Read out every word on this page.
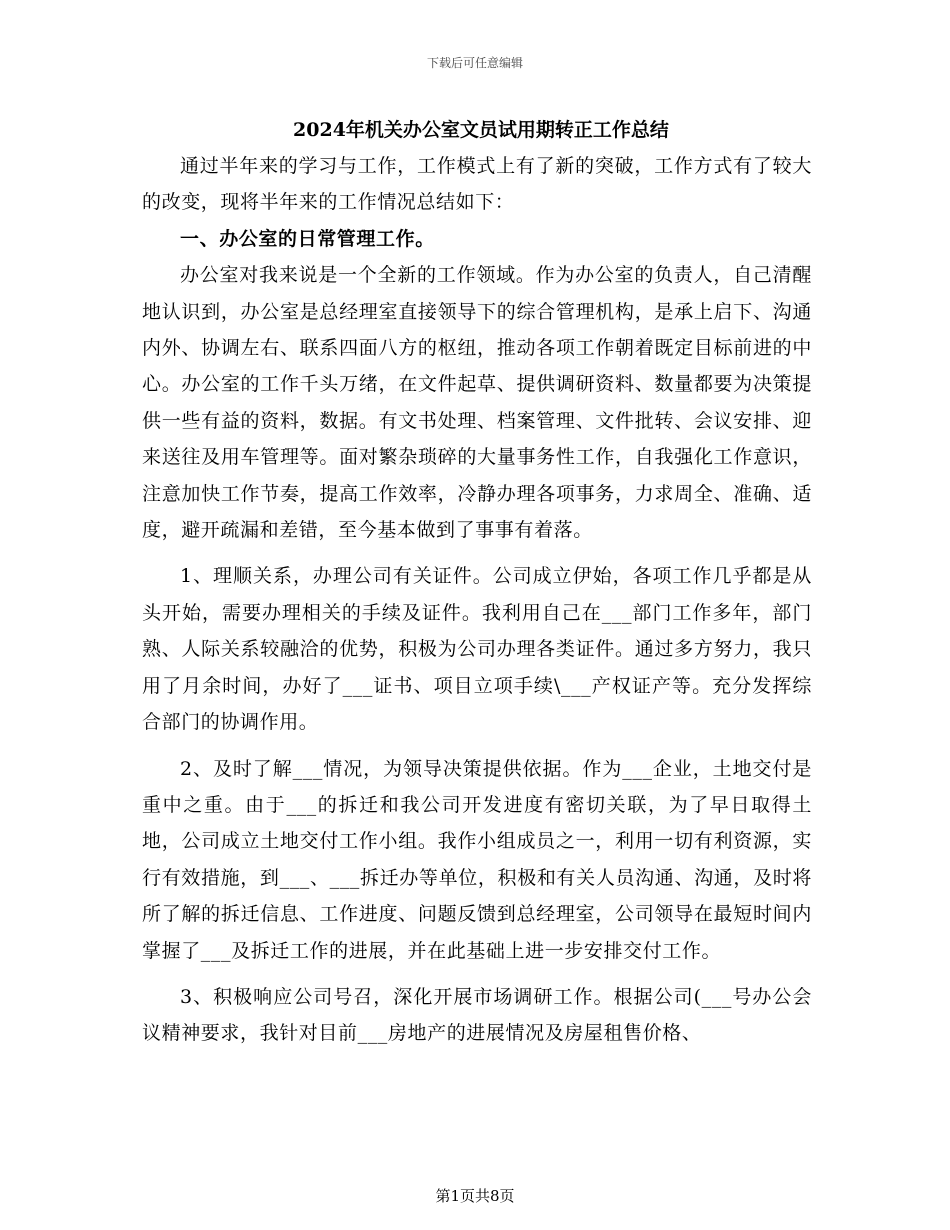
下载后可任意编辑
2024年机关办公室文员试用期转正工作总结

通过半年来的学习与工作，工作模式上有了新的突破，工作方式有了较大的改变，现将半年来的工作情况总结如下：

一、办公室的日常管理工作。

办公室对我来说是一个全新的工作领域。作为办公室的负责人，自己清醒地认识到，办公室是总经理室直接领导下的综合管理机构，是承上启下、沟通内外、协调左右、联系四面八方的枢纽，推动各项工作朝着既定目标前进的中心。办公室的工作千头万绪，在文件起草、提供调研资料、数量都要为决策提供一些有益的资料，数据。有文书处理、档案管理、文件批转、会议安排、迎来送往及用车管理等。面对繁杂琐碎的大量事务性工作，自我强化工作意识，注意加快工作节奏，提高工作效率，冷静办理各项事务，力求周全、准确、适度，避开疏漏和差错，至今基本做到了事事有着落。

1、理顺关系，办理公司有关证件。公司成立伊始，各项工作几乎都是从头开始，需要办理相关的手续及证件。我利用自己在___部门工作多年，部门熟、人际关系较融洽的优势，积极为公司办理各类证件。通过多方努力，我只用了月余时间，办好了___证书、项目立项手续\___产权证产等。充分发挥综合部门的协调作用。

2、及时了解___情况，为领导决策提供依据。作为___企业，土地交付是重中之重。由于___的拆迁和我公司开发进度有密切关联，为了早日取得土地，公司成立土地交付工作小组。我作小组成员之一，利用一切有利资源，实行有效措施，到___、___拆迁办等单位，积极和有关人员沟通、沟通，及时将所了解的拆迁信息、工作进度、问题反馈到总经理室，公司领导在最短时间内掌握了___及拆迁工作的进展，并在此基础上进一步安排交付工作。

3、积极响应公司号召，深化开展市场调研工作。根据公司(___号办公会议精神要求，我针对目前___房地产的进展情况及房屋租售价格、

第1页共8页
